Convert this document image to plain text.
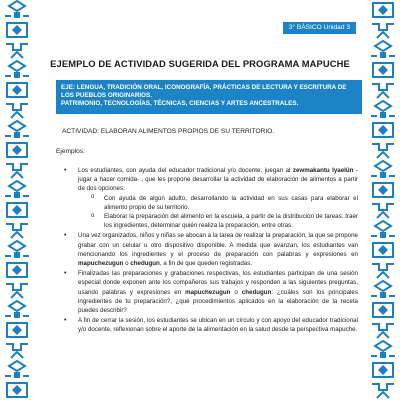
3° BÁSICO Unidad 3
EJEMPLO DE ACTIVIDAD SUGERIDA DEL PROGRAMA MAPUCHE
EJE: LENGUA, TRADICIÓN ORAL, ICONOGRAFÍA, PRÁCTICAS DE LECTURA Y ESCRITURA DE LOS PUEBLOS ORIGINARIOS.
PATRIMONIO, TECNOLOGÍAS, TÉCNICAS, CIENCIAS Y ARTES ANCESTRALES.
ACTIVIDAD: ELABORAN ALIMENTOS PROPIOS DE SU TERRITORIO.
Ejemplos:
• Los estudiantes, con ayuda del educador tradicional y/o docente, juegan al zewmakantu lyaelün -jugar a hacer comida- , que les propone desarrollar la actividad de elaboración de alimentos a partir de dos opciones:
o Con ayuda de algún adulto, desarrollando la actividad en sus casas para elaborar el alimento propio de su territorio.
o Elaborar la preparación del alimento en la escuela, a partir de la distribución de tareas: traer los ingredientes, determinar quién realiza la preparación, entre otras.
• Una vez organizados, niños y niñas se abocan a la tarea de realizar la preparación, la que se propone grabar con un celular u otro dispositivo disponible. A medida que avanzan, los estudiantes van mencionando los ingredientes y el proceso de preparación con palabras y expresiones en mapuchezugun o chedugun, a fin de que queden registradas.
• Finalizadas las preparaciones y grabaciones respectivas, los estudiantes participan de una sesión especial donde exponen ante los compañeros sus trabajos y responden a las siguientes preguntas, usando palabras y expresiones en mapuchezugun o chedugun: ¿cuáles son los principales ingredientes de tu preparación?, ¿qué procedimientos aplicados en la elaboración de la receta puedes describir?
• A fin de cerrar la sesión, los estudiantes se ubican en un círculo y con apoyo del educador tradicional y/o docente, reflexionan sobre el aporte de la alimentación en la salud desde la perspectiva mapuche.
